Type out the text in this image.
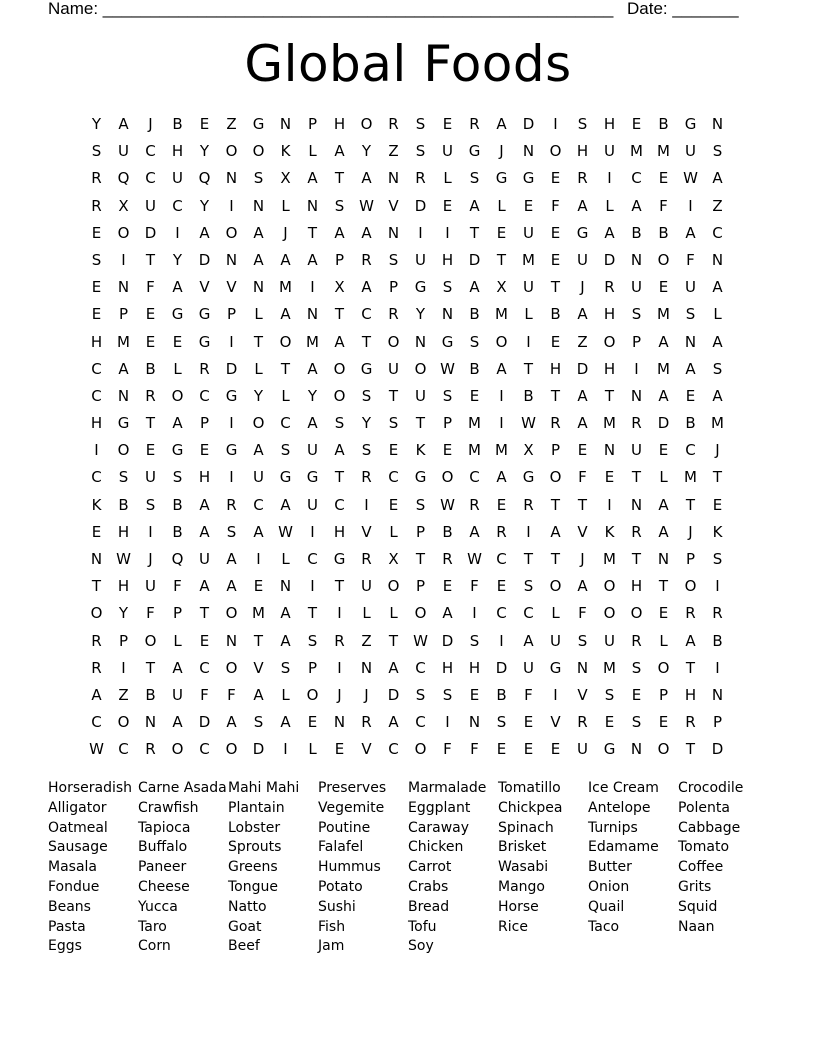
Name: ______________________________________________________ Date: _______
Global Foods
Y	A	J	B	E	Z	G	N	P	H	O	R	S	E	R	A	D	I	S	H	E	B	G	N
S	U	C	H	Y	O	O	K	L	A	Y	Z	S	U	G	J	N	O	H	U	M M	U	S
R	Q	C	U	Q	N	S	X	A	T	A	N	R	L	S	G	G	E	R	I	C	E W A
R	X	U	C	Y	I	N	L	N	S W V	D	E	A	L	E	F	A	L	A	F	I	Z
E	O	D	I	A	O	A	J	T	A	A	N	I	I	T	E	U	E	G	A	B	B	A	C
S	I	T	Y	D	N	A	A	A	P	R	S	U	H	D	T	M	E	U	D	N	O	F	N
E	N	F	A	V	V	N M	I	X	A	P	G	S	A	X	U	T	J	R	U	E	U	A
E	P	E	G	G	P	L	A	N	T	C	R	Y	N	B	M	L	B	A	H	S	M	S	L
H M	E	E	G	I	T	O M	A	T	O	N	G	S	O	I	E	Z	O	P	A	N	A
C	A	B	L	R	D	L	T	A	O	G	U	O W B	A	T	H	D	H	I	M	A	S
C	N	R	O	C	G	Y	L	Y	O	S	T	U	S	E	I	B	T	A	T	N	A	E	A
H	G	T	A	P	I	O	C	A	S	Y	S	T	P	M	I	W R	A	M	R	D	B	M
I	O	E	G	E	G	A	S	U	A	S	E	K	E	M M	X	P	E	N	U	E	C	J
C	S	U	S	H	I	U	G	G	T	R	C	G	O	C	A	G	O	F	E	T	L	M	T
K	B	S	B	A	R	C	A	U	C	I	E	S W R	E	R	T	T	I	N	A	T	E
E	H	I	B	A	S	A W	I	H	V	L	P	B	A	R	I	A	V	K	R	A	J	K
N W	J	Q	U	A	I	L	C	G	R	X	T	R W C	T	T	J	M	T	N	P	S
T	H	U	F	A	A	E	N	I	T	U	O	P	E	F	E	S	O	A	O	H	T	O	I
O	Y	F	P	T	O M	A	T	I	L	L	O	A	I	C	C	L	F	O	O	E	R	R
R	P	O	L	E	N	T	A	S	R	Z	T	W D	S	I	A	U	S	U	R	L	A	B
R	I	T	A	C	O	V	S	P	I	N	A	C	H	H	D	U	G	N M	S	O	T	I
A	Z	B	U	F	F	A	L	O	J	J	D	S	S	E	B	F	I	V	S	E	P	H	N
C	O	N	A	D	A	S	A	E	N	R	A	C	I	N	S	E	V	R	E	S	E	R	P
W C	R	O	C	O	D	I	L	E	V	C	O	F	F	E	E	E	U	G	N	O	T	D
Horseradish
Alligator
Oatmeal
Sausage
Masala
Fondue
Beans
Pasta
Eggs
Carne Asada
Crawfish
Tapioca
Buffalo
Paneer
Cheese
Yucca
Taro
Corn
Mahi Mahi
Plantain
Lobster
Sprouts
Greens
Tongue
Natto
Goat
Beef
Preserves
Vegemite
Poutine
Falafel
Hummus
Potato
Sushi
Fish
Jam
Marmalade
Eggplant
Caraway
Chicken
Carrot
Crabs
Bread
Tofu
Soy
Tomatillo
Chickpea
Spinach
Brisket
Wasabi
Mango
Horse
Rice
Ice Cream
Antelope
Turnips
Edamame
Butter
Onion
Quail
Taco
Crocodile
Polenta
Cabbage
Tomato
Coffee
Grits
Squid
Naan
